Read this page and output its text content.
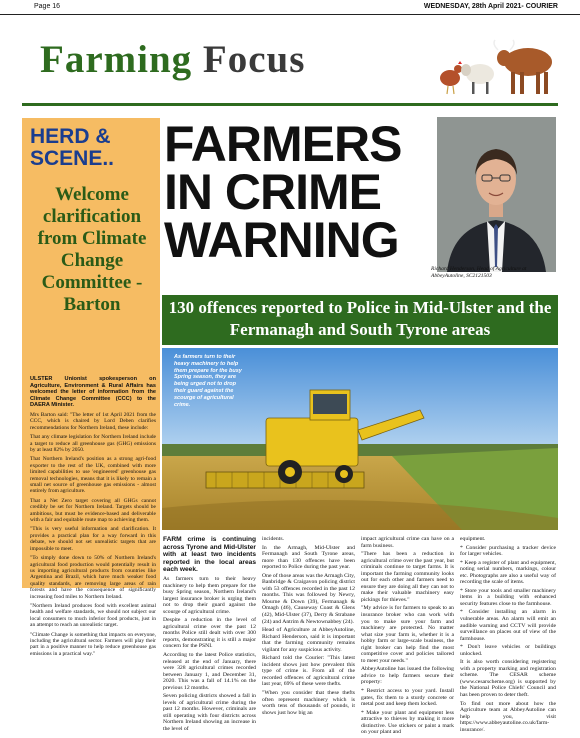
Page 16	WEDNESDAY, 28th April 2021- COURIER
Farming Focus
HERD & SCENE..
Welcome clarification from Climate Change Committee - Barton

ULSTER Unionist spokesperson on Agriculture, Environment & Rural Affairs has welcomed the letter of information from the Climate Change Committee (CCC) to the DAERA Minister.

Mrs Barton said: "The letter of 1st April 2021 from the CCC, which is chaired by Lord Deben clarifies recommendations for Northern Ireland, these include:

That any climate legislation for Northern Ireland include a target to reduce all greenhouse gas (GHG) emissions by at least 82% by 2050.

That Northern Ireland's position as a strong agri-food exporter to the rest of the UK, combined with more limited capabilities to use 'engineered' greenhouse gas removal technologies, means that it is likely to remain a small net source of greenhouse gas emissions - almost entirely from agriculture.

That a Net Zero target covering all GHGs cannot credibly be set for Northern Ireland. Targets should be ambitious, but must be evidence-based and deliverable with a fair and equitable route map to achieving them.

"This is very useful information and clarification. It provides a practical plan for a way forward in this debate, we should not set unrealistic targets that are impossible to meet.

"To simply done down to 50% of Northern Ireland's agricultural food production would potentially result in us importing agricultural products from countries like Argentina and Brazil, which have much weaker food quality standards, are removing large areas of rain forests and have the consequence of significantly increasing food miles to Northern Ireland.

"Northern Ireland produces food with excellent animal health and welfare standards, we should not subject our local consumers to much inferior food products, just in an attempt to reach an unrealistic target.

"Climate Change is something that impacts on everyone, including the agricultural sector. Farmers will play their part in a positive manner to help reduce greenhouse gas emissions in a practical way."

FARMERS IN CRIME WARNING
Richard Henderson, Head of Agriculture at AbbeyAutoline, SC2121503
130 offences reported to Police in Mid-Ulster and the Fermanagh and South Tyrone areas
As farmers turn to their heavy machinery to help them prepare for the busy Spring season, they are being urged not to drop their guard against the scourge of agricultural crime.

FARM crime is continuing across Tyrone and Mid-Ulster with at least two incidents reported in the local areas each week.

As farmers turn to their heavy machinery to help them prepare for the busy Spring season, Northern Ireland's largest insurance broker is urging them not to drop their guard against the scourge of agricultural crime.

Despite a reduction in the level of agricultural crime over the past 12 months Police still dealt with over 300 reports, demonstrating it is still a major concern for the PSNI.

According to the latest Police statistics, released at the end of January, there were 328 agricultural crimes recorded between January 1, and December 31, 2020. This was a fall of 14.1% on the previous 12 months.

Seven policing districts showed a fall in levels of agricultural crime during the past 12 months. However, criminals are still operating with four districts across Northern Ireland showing an increase in the level of

incidents.

In the Armagh, Mid-Ulster and Fermanagh and South Tyrone areas, more than 130 offences have been reported to Police during the past year.

One of those areas was the Armagh City, Banbridge & Craigavon policing district with 53 offences recorded in the past 12 months. This was followed by Newry, Mourne & Down (39), Fermanagh & Omagh (46), Causeway Coast & Glens (42), Mid-Ulster (37), Derry & Strabane (24) and Antrim & Newtownabbey (24).

Head of Agriculture at AbbeyAutoline, Richard Henderson, said it is important that the farming community remains vigilant for any suspicious activity.

Richard told the Courier: "This latest incident shows just how prevalent this type of crime is. From all of the recorded offences of agricultural crime last year, 69% of these were thefts.

"When you consider that these thefts often represent machinery which is worth tens of thousands of pounds, it shows just how big an

impact agricultural crime can have on a farm business.

"There has been a reduction in agricultural crime over the past year, but criminals continue to target farms. It is important the farming community looks out for each other and farmers need to ensure they are doing all they can not to make their valuable machinery easy pickings for thieves."

"My advice is for farmers to speak to an insurance broker who can work with you to make sure your farm and machinery are protected. No matter what size your farm is, whether it is a hobby farm or large-scale business, the right broker can help find the most competitive cover and policies tailored to meet your needs."

AbbeyAutoline has issued the following advice to help farmers secure their property:

* Restrict access to your yard. Install gates, fix them to a sturdy concrete or metal post and keep them locked.

* Make your plant and equipment less attractive to thieves by making it more distinctive. Use stickers or paint a mark on your plant and

equipment.

* Consider purchasing a tracker device for larger vehicles.

* Keep a register of plant and equipment, noting serial numbers, markings, colour etc. Photographs are also a useful way of recording the scale of items.

* Store your tools and smaller machinery items in a building with enhanced security features close to the farmhouse.

* Consider installing an alarm in vulnerable areas. An alarm will emit an audible warning and CCTV will provide surveillance on places out of view of the farmhouse.

* Don't leave vehicles or buildings unlocked.

It is also worth considering registering with a property marking and registration scheme. The CESAR scheme (www.cesarscheme.org) is supported by the National Police Chiefs' Council and has been proven to deter theft.

To find out more about how the Agriculture team at AbbeyAutoline can help you, visit https://www.abbeyautoline.co.uk/farm-insurance/.
